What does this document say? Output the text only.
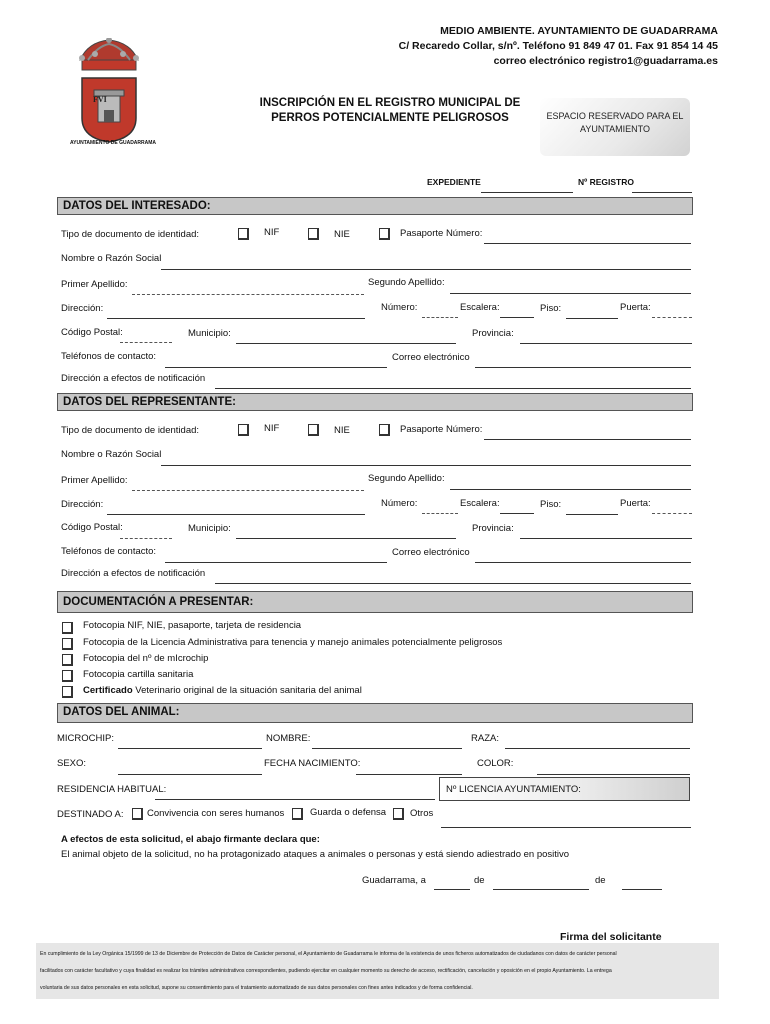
FVI
AYUNTAMIENTO DE GUADARRAMA
MEDIO AMBIENTE. AYUNTAMIENTO DE GUADARRAMA
C/ Recaredo Collar, s/nº. Teléfono 91 849 47 01. Fax 91 854 14 45
correo electrónico registro1@guadarrama.es
INSCRIPCIÓN EN EL REGISTRO MUNICIPAL DE
PERROS POTENCIALMENTE PELIGROSOS	ESPACIO RESERVADO PARA EL AYUNTAMIENTO
EXPEDIENTE	Nº REGISTRO
DATOS DEL INTERESADO:
Tipo de documento de identidad:	NIF	NIE	Pasaporte Número:
Nombre o Razón Social
Primer Apellido:	Segundo Apellido:
Dirección:	Número:	Escalera:	Piso:	Puerta:
Código Postal:	Municipio:	Provincia:
Teléfonos de contacto:	Correo electrónico
Dirección a efectos de notificación
DATOS DEL REPRESENTANTE:
Tipo de documento de identidad:	NIF	NIE	Pasaporte Número:
Nombre o Razón Social
Primer Apellido:	Segundo Apellido:
Dirección:	Número:	Escalera:	Piso:	Puerta:
Código Postal:	Municipio:	Provincia:
Teléfonos de contacto:	Correo electrónico
Dirección a efectos de notificación
DOCUMENTACIÓN A PRESENTAR:
Fotocopia NIF, NIE, pasaporte, tarjeta de residencia
Fotocopia de la Licencia Administrativa para tenencia y manejo animales potencialmente peligrosos
Fotocopia del nº de mIcrochip
Fotocopia cartilla sanitaria
Certificado Veterinario original de la situación sanitaria del animal
DATOS DEL ANIMAL:
MICROCHIP:	NOMBRE:	RAZA:
SEXO:	FECHA NACIMIENTO:	COLOR:
RESIDENCIA HABITUAL:	Nº LICENCIA AYUNTAMIENTO:
DESTINADO A: Convivencia con seres humanos	Guarda o defensa	Otros
A efectos de esta solicitud, el abajo firmante declara que:
El animal objeto de la solicitud, no ha protagonizado ataques a animales o personas y está siendo adiestrado en positivo
Guadarrama, a	de	de
Firma del solicitante
En cumplimiento de la Ley Orgánica 15/1999 de 13 de Diciembre de Protección de Datos de Carácter personal, el Ayuntamiento de Guadarrama le informa de la existencia de unos ficheros automatizados de ciudadanos con datos de carácter personal
facilitados con carácter facultativo y cuya finalidad es realizar los trámites administrativos correspondientes, pudiendo ejercitar en cualquier momento su derecho de acceso, rectificación, cancelación y oposición en el propio Ayuntamiento. La entrega
voluntaria de sus datos personales en esta solicitud, supone su consentimiento para el tratamiento automatizado de sus datos personales con fines antes indicados y de forma confidencial.
